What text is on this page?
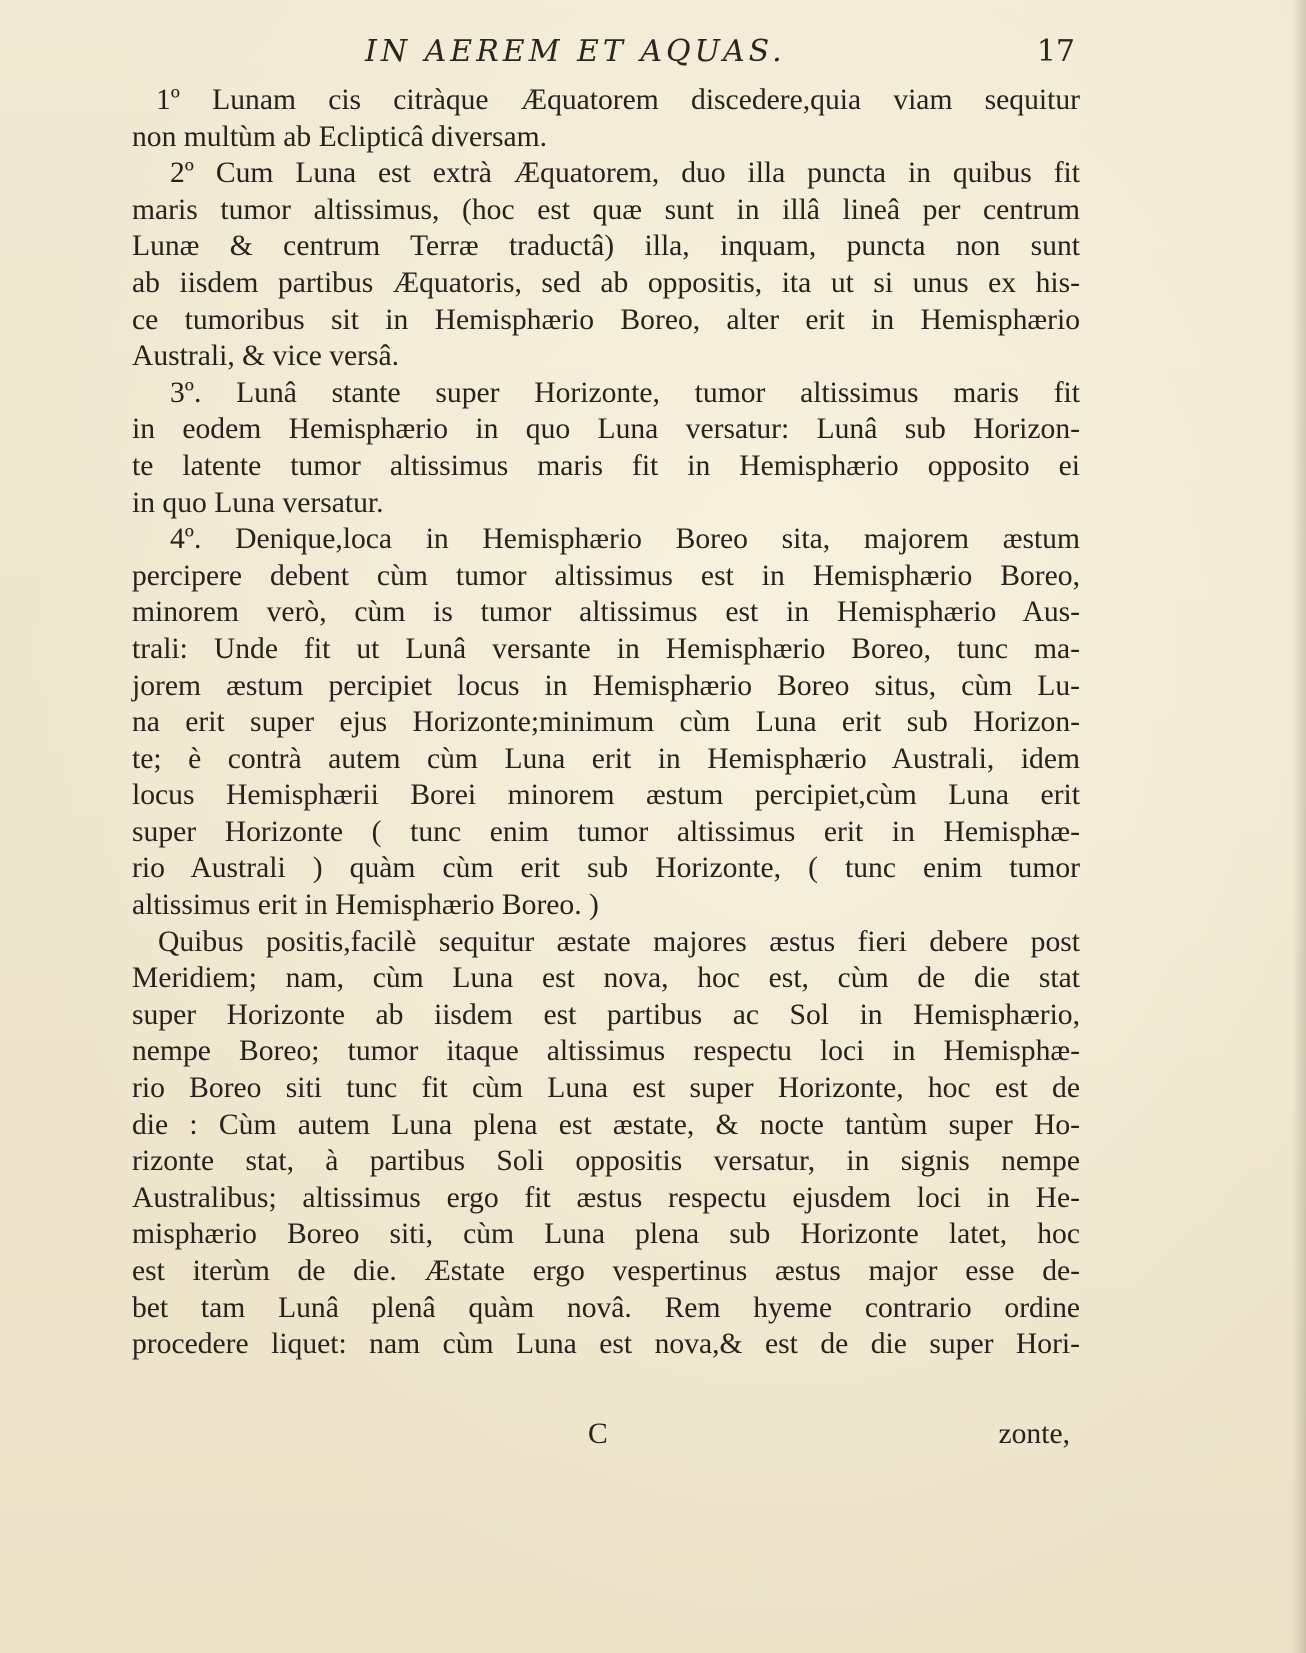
IN AEREM ET AQUAS.	17
1º Lunam cis citràque Æquatorem discedere,quia viam sequitur
non multùm ab Eclipticâ diversam.
2º Cum Luna est extrà Æquatorem, duo illa puncta in quibus fit
maris tumor altissimus, (hoc est quæ sunt in illâ lineâ per centrum
Lunæ & centrum Terræ traductâ) illa, inquam, puncta non sunt
ab iisdem partibus Æquatoris, sed ab oppositis, ita ut si unus ex his-
ce tumoribus sit in Hemisphærio Boreo, alter erit in Hemisphærio
Australi, & vice versâ.
3º. Lunâ stante super Horizonte, tumor altissimus maris fit
in eodem Hemisphærio in quo Luna versatur: Lunâ sub Horizon-
te latente tumor altissimus maris fit in Hemisphærio opposito ei
in quo Luna versatur.
4º. Denique,loca in Hemisphærio Boreo sita, majorem æstum
percipere debent cùm tumor altissimus est in Hemisphærio Boreo,
minorem verò, cùm is tumor altissimus est in Hemisphærio Aus-
trali: Unde fit ut Lunâ versante in Hemisphærio Boreo, tunc ma-
jorem æstum percipiet locus in Hemisphærio Boreo situs, cùm Lu-
na erit super ejus Horizonte;minimum cùm Luna erit sub Horizon-
te; è contrà autem cùm Luna erit in Hemisphærio Australi, idem
locus Hemisphærii Borei minorem æstum percipiet,cùm Luna erit
super Horizonte ( tunc enim tumor altissimus erit in Hemisphæ-
rio Australi ) quàm cùm erit sub Horizonte, ( tunc enim tumor
altissimus erit in Hemisphærio Boreo. )
Quibus positis,facilè sequitur æstate majores æstus fieri debere post
Meridiem; nam, cùm Luna est nova, hoc est, cùm de die stat
super Horizonte ab iisdem est partibus ac Sol in Hemisphærio,
nempe Boreo; tumor itaque altissimus respectu loci in Hemisphæ-
rio Boreo siti tunc fit cùm Luna est super Horizonte, hoc est de
die : Cùm autem Luna plena est æstate, & nocte tantùm super Ho-
rizonte stat, à partibus Soli oppositis versatur, in signis nempe
Australibus; altissimus ergo fit æstus respectu ejusdem loci in He-
misphærio Boreo siti, cùm Luna plena sub Horizonte latet, hoc
est iterùm de die. Æstate ergo vespertinus æstus major esse de-
bet tam Lunâ plenâ quàm novâ. Rem hyeme contrario ordine
procedere liquet: nam cùm Luna est nova,& est de die super Hori-
C	zonte,
